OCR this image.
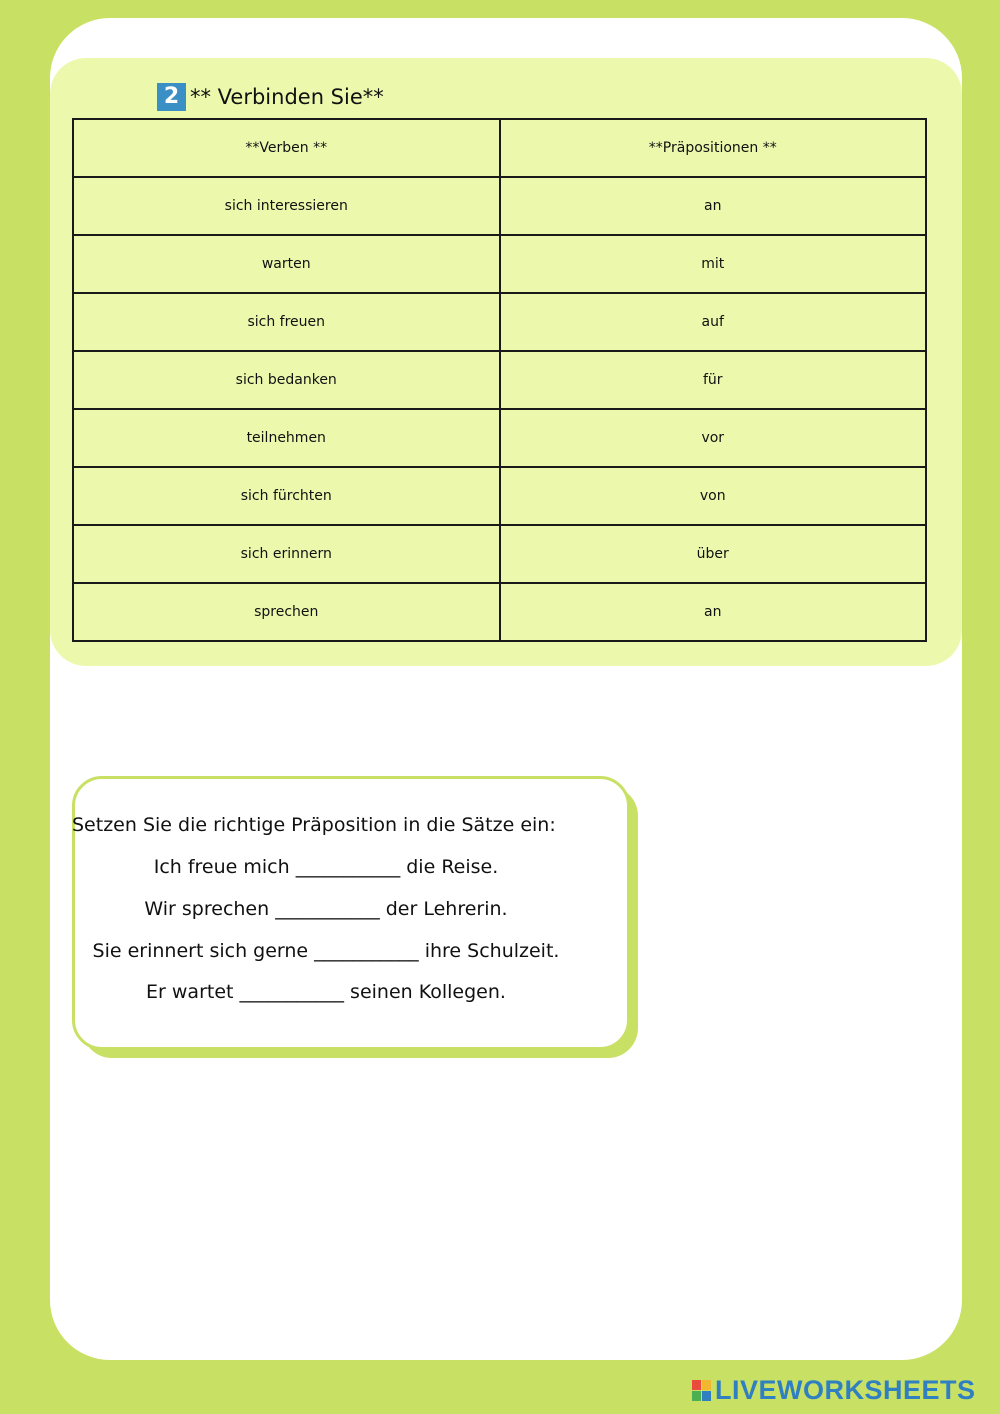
2 ** Verbinden Sie**
**Verben **	**Präpositionen **
sich interessieren	an
warten	mit
sich freuen	auf
sich bedanken	für
teilnehmen	vor
sich fürchten	von
sich erinnern	über
sprechen	an
Setzen Sie die richtige Präposition in die Sätze ein:
Ich freue mich ___________ die Reise.
Wir sprechen ___________ der Lehrerin.
Sie erinnert sich gerne ___________ ihre Schulzeit.
Er wartet ___________ seinen Kollegen.
LIVEWORKSHEETS
